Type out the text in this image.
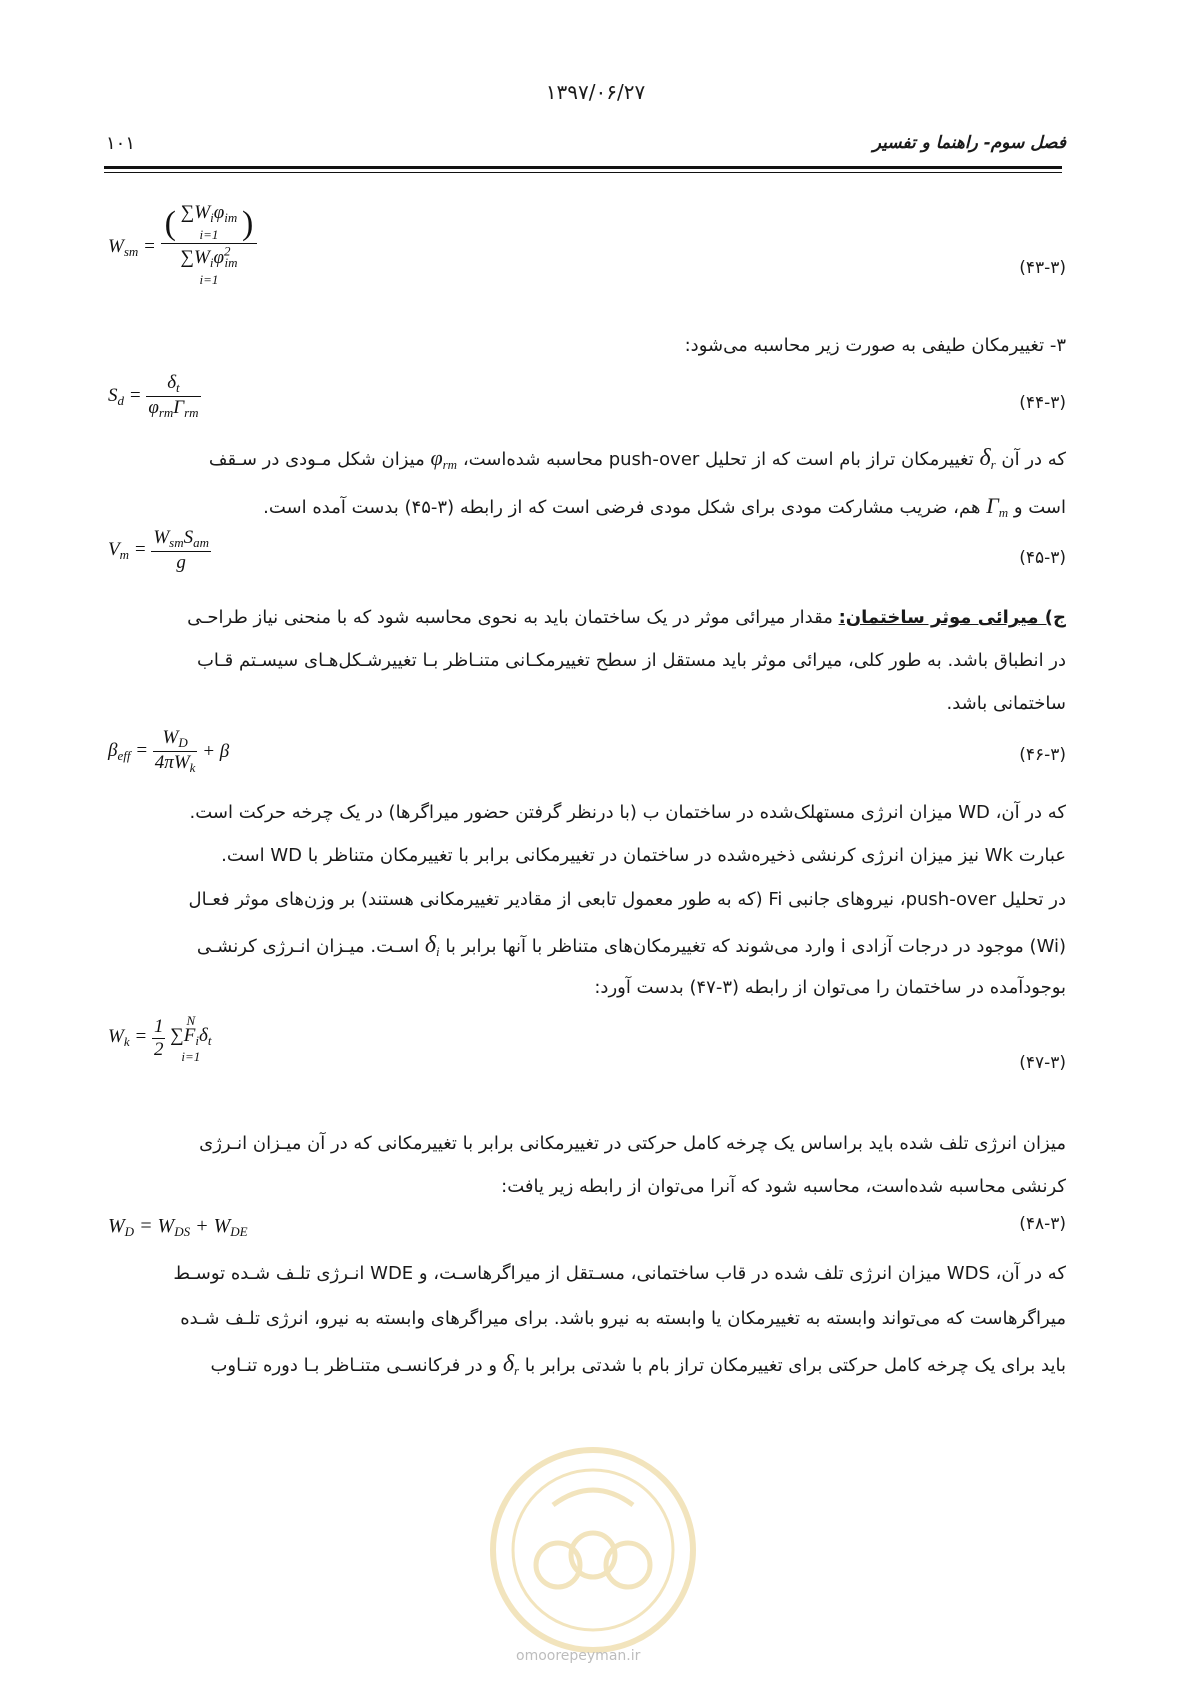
۱۳۹۷/۰۶/۲۷
فصل سوم- راهنما و تفسیر
۱۰۱
$W_{sm}$ =
( $\sum W_i\varphi_{im}$
i=1 )
$\sum W_i\varphi^2_{im}$
i=1
(۴۳-۳)
۳- تغییرمکان طیفی به صورت زیر محاسبه می‌شود:
$S_d = \frac{\delta_t}{\varphi_{rm}\Gamma_{rm}}$	(۴۴-۳)
که در آن $\delta_r$ تغییرمکان تراز بام است که از تحلیل push-over محاسبه شده‌است، $\varphi_{rm}$ میزان شکل مـودی در سـقف
است و $\Gamma_m$ هم، ضریب مشارکت مودی برای شکل مودی فرضی است که از رابطه (۳-۴۵) بدست آمده است.
$V_m = \frac{W_{sm}S_{am}}{g}$	(۴۵-۳)
ج) میرائی موثر ساختمان: مقدار میرائی موثر در یک ساختمان باید به نحوی محاسبه شود که با منحنی نیاز طراحـی
در انطباق باشد. به طور کلی، میرائی موثر باید مستقل از سطح تغییرمکـانی متنـاظر بـا تغییرشـکل‌هـای سیسـتم قـاب
ساختمانی باشد.
$\beta_{eff} = \frac{W_D}{4\pi W_k} + \beta$	(۴۶-۳)
که در آن، WD میزان انرژی مستهلک‌شده در ساختمان ب (با درنظر گرفتن حضور میراگرها) در یک چرخه حرکت است.
عبارت Wk نیز میزان انرژی کرنشی ذخیره‌شده در ساختمان در تغییرمکانی برابر با تغییرمکان متناظر با WD است.
در تحلیل push-over، نیروهای جانبی Fi (که به طور معمول تابعی از مقادیر تغییرمکانی هستند) بر وزن‌های موثر فعـال
(Wi) موجود در درجات آزادی i وارد می‌شوند که تغییرمکان‌های متناظر با آنها برابر با $\delta_i$ اسـت. میـزان انـرژی کرنشـی
بوجودآمده در ساختمان را می‌توان از رابطه (۳-۴۷) بدست آورد:
$W_k = \frac{1}{2}$ N
$\sum F_i\delta_t$
i=1	(۴۷-۳)
میزان انرژی تلف شده باید براساس یک چرخه کامل حرکتی در تغییرمکانی برابر با تغییرمکانی که در آن میـزان انـرژی
کرنشی محاسبه شده‌است، محاسبه شود که آنرا می‌توان از رابطه زیر یافت:
$W_D = W_{DS} + W_{DE}$	(۴۸-۳)
که در آن، WDS میزان انرژی تلف شده در قاب ساختمانی، مسـتقل از میراگرهاسـت، و WDE انـرژی تلـف شـده توسـط
میراگرهاست که می‌تواند وابسته به تغییرمکان یا وابسته به نیرو باشد. برای میراگرهای وابسته به نیرو، انرژی تلـف شـده
باید برای یک چرخه کامل حرکتی برای تغییرمکان تراز بام با شدتی برابر با $\delta_r$ و در فرکانسـی متنـاظر بـا دوره تنـاوب
omoorepeyman.ir
